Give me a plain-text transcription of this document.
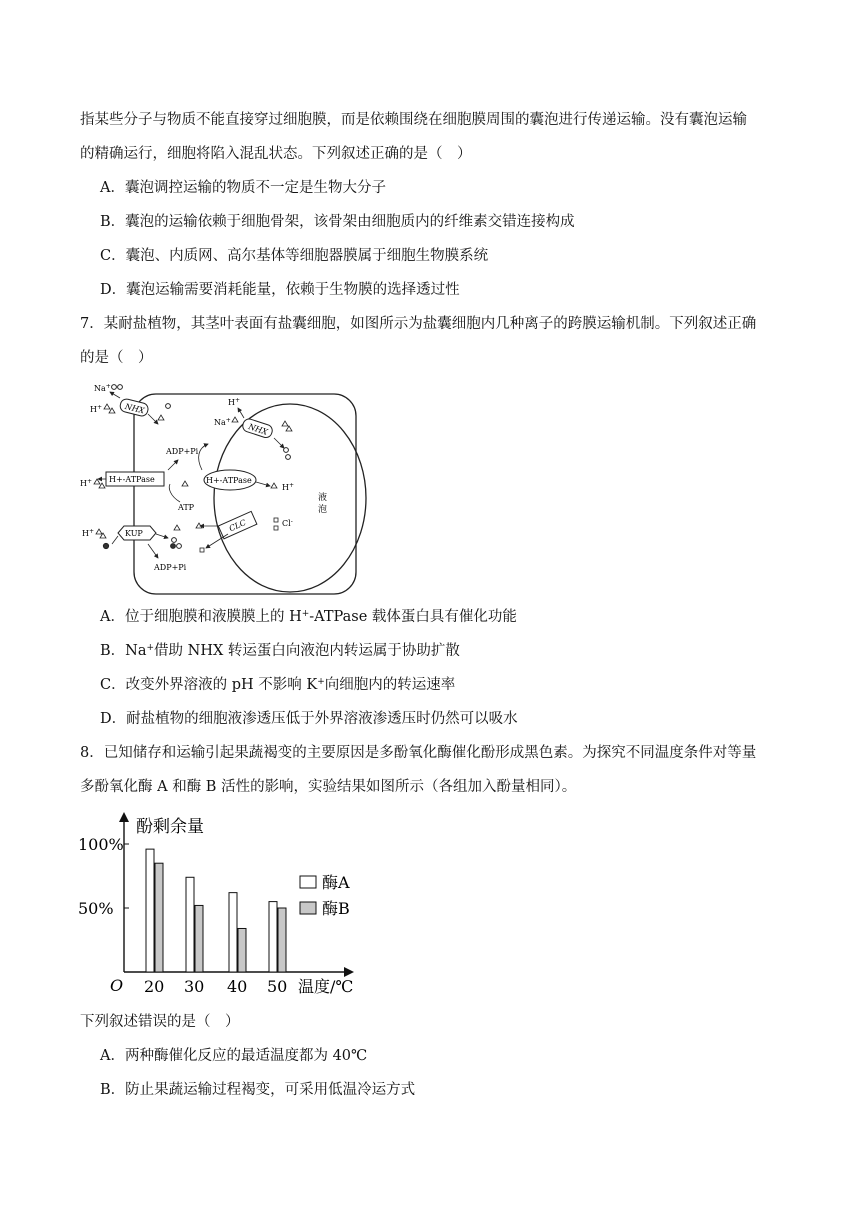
指某些分子与物质不能直接穿过细胞膜，而是依赖围绕在细胞膜周围的囊泡进行传递运输。没有囊泡运输
的精确运行，细胞将陷入混乱状态。下列叙述正确的是（　）
A．囊泡调控运输的物质不一定是生物大分子
B．囊泡的运输依赖于细胞骨架，该骨架由细胞质内的纤维素交错连接构成
C．囊泡、内质网、高尔基体等细胞器膜属于细胞生物膜系统
D．囊泡运输需要消耗能量，依赖于生物膜的选择透过性
7．某耐盐植物，其茎叶表面有盐囊细胞，如图所示为盐囊细胞内几种离子的跨膜运输机制。下列叙述正确
的是（　）
液
泡
Na+
H+	NHX	H+
Na+
NHX
H+ H+-ATPase
ADP+Pi
ATP
H+-ATPase
H+
CLC	Cl-
H+	KUP
ADP+Pi
A．位于细胞膜和液膜膜上的 H+-ATPase 载体蛋白具有催化功能
B．Na+借助 NHX 转运蛋白向液泡内转运属于协助扩散
C．改变外界溶液的 pH 不影响 K+向细胞内的转运速率
D．耐盐植物的细胞液渗透压低于外界溶液渗透压时仍然可以吸水
8．已知储存和运输引起果蔬褐变的主要原因是多酚氧化酶催化酚形成黑色素。为探究不同温度条件对等量
多酚氧化酶 A 和酶 B 活性的影响，实验结果如图所示（各组加入酚量相同）。
酚剩余量
温度/℃
O
50%
100%
20 30 40 50
酶A
酶B
下列叙述错误的是（　）
A．两种酶催化反应的最适温度都为 40℃
B．防止果蔬运输过程褐变，可采用低温冷运方式
